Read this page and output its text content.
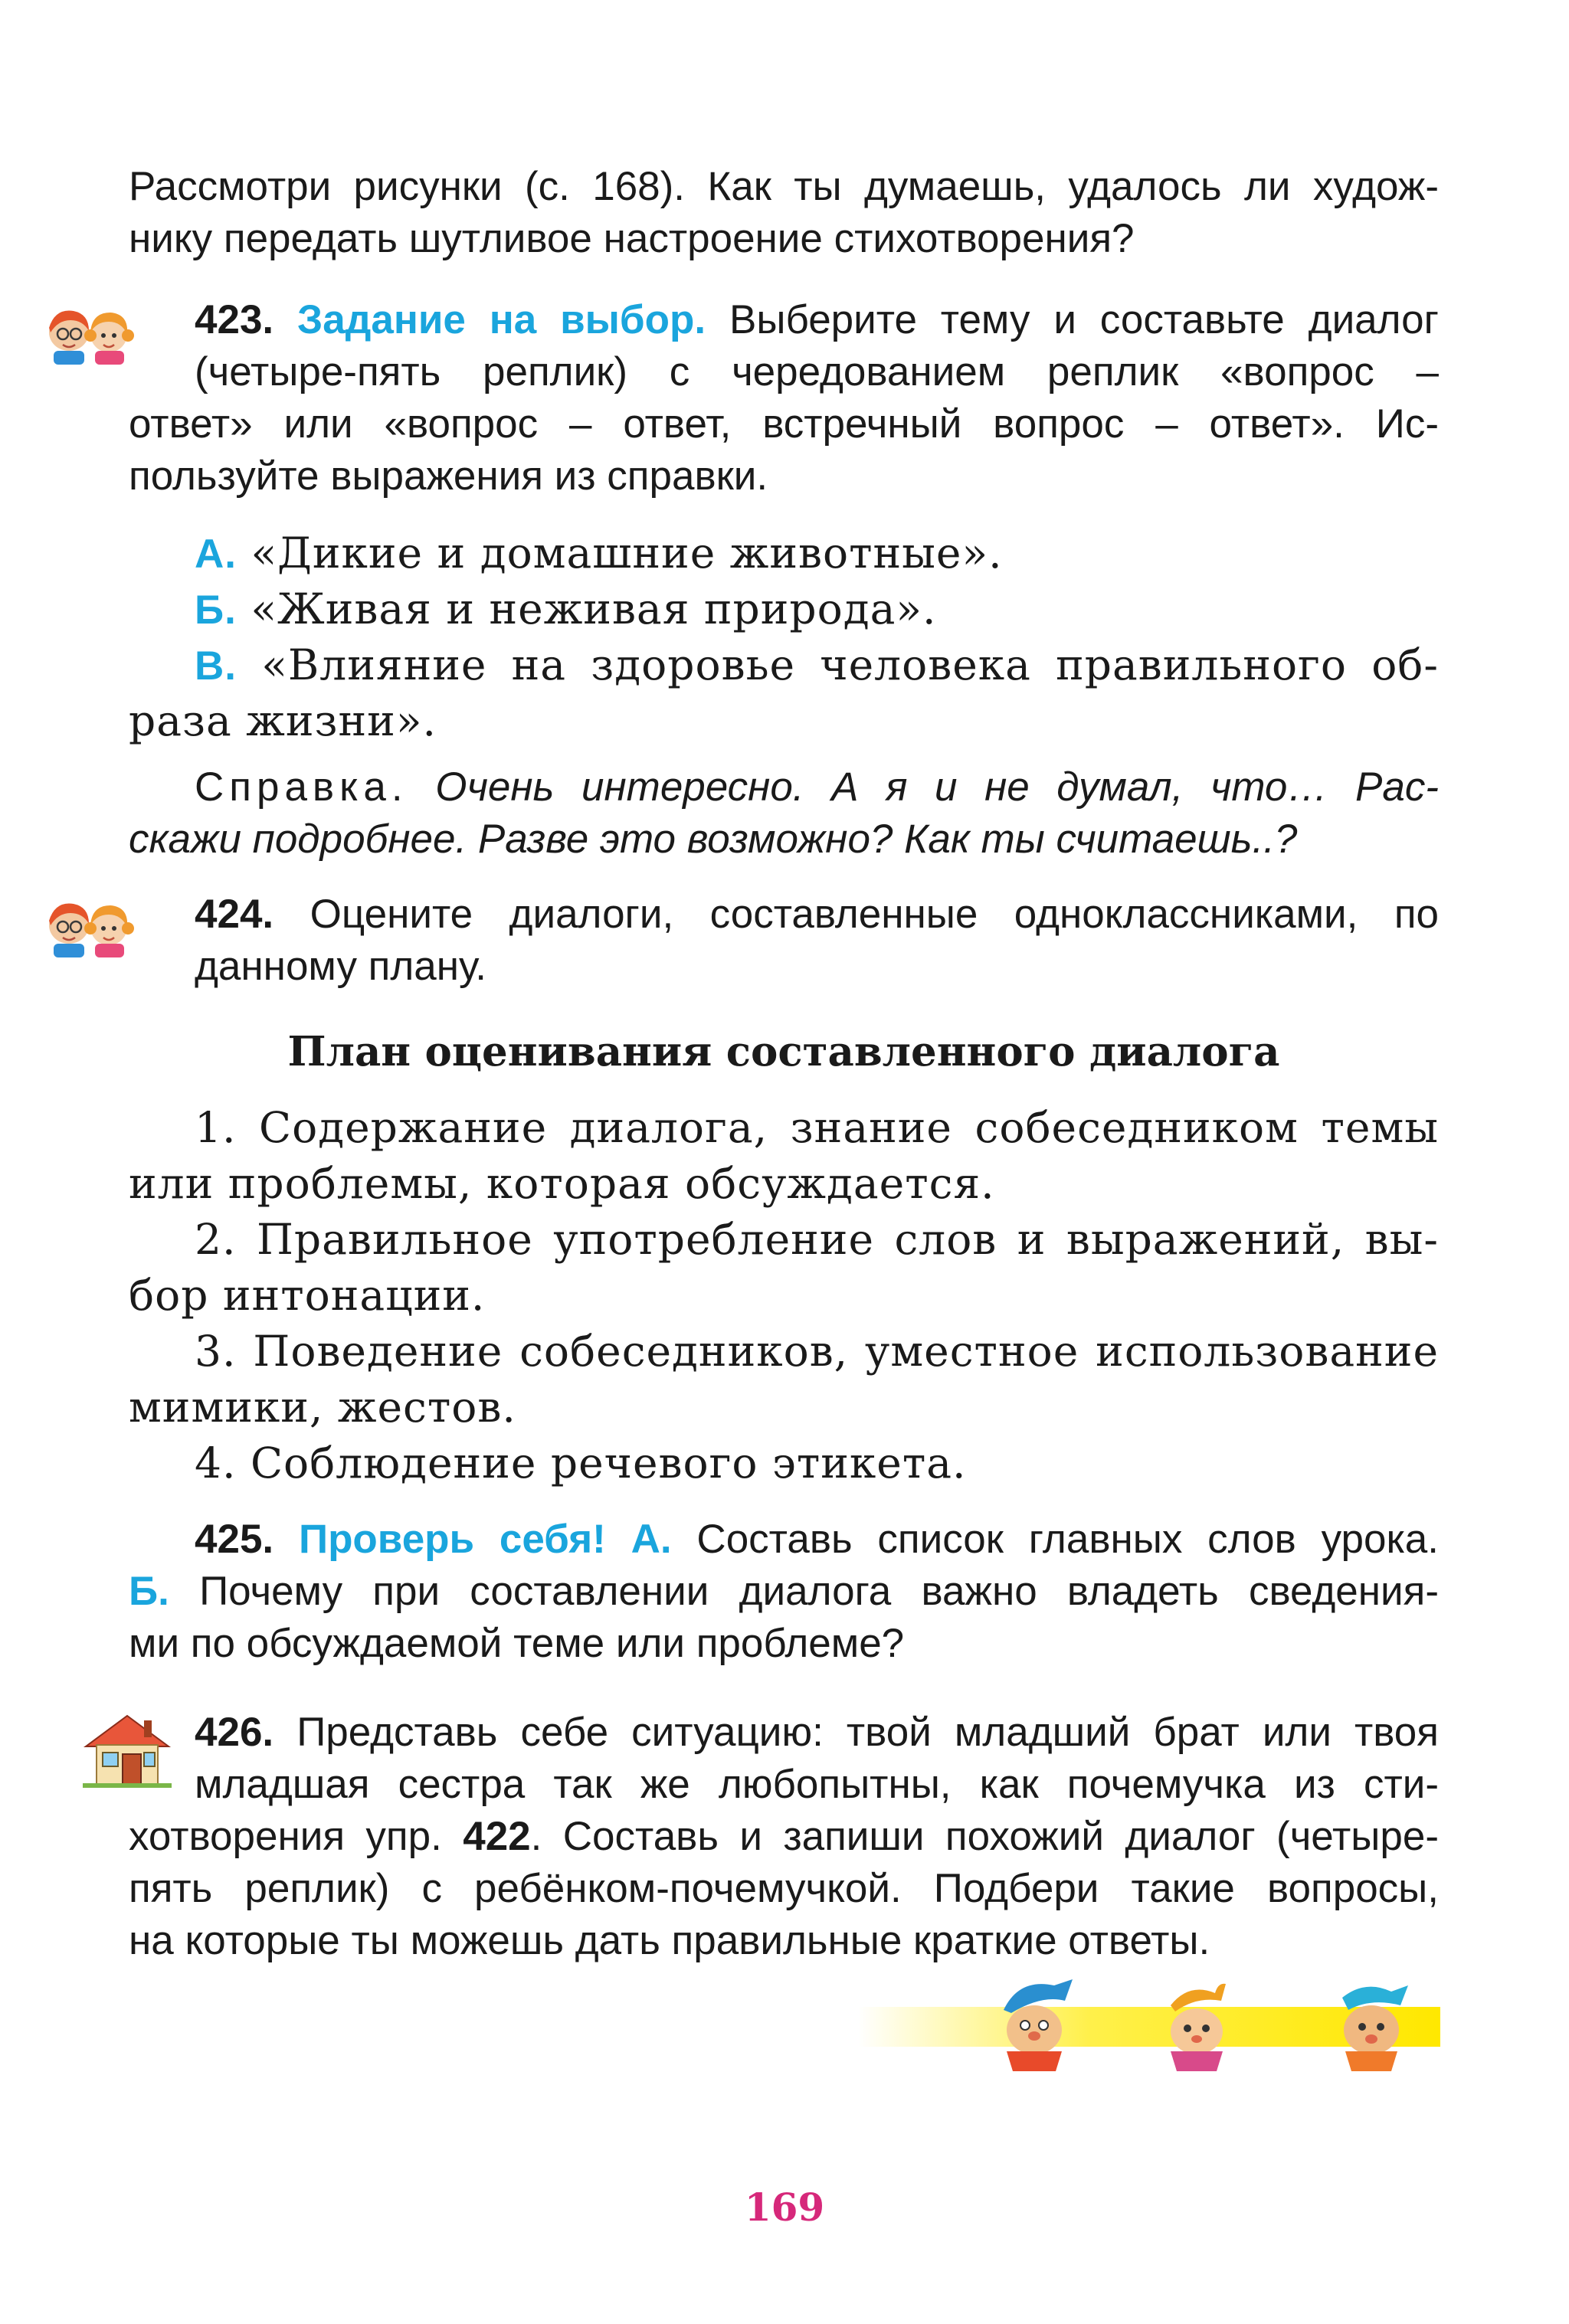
Рассмотри рисунки (с. 168). Как ты думаешь, удалось ли худож-
нику передать шутливое настроение стихотворения?
423. Задание на выбор. Выберите тему и составьте диалог
(четыре-пять реплик) с чередованием реплик «вопрос –
ответ» или «вопрос – ответ, встречный вопрос – ответ». Ис-
пользуйте выражения из справки.
А. «Дикие и домашние животные».
Б. «Живая и неживая природа».
В. «Влияние на здоровье человека правильного об-
раза жизни».
Справка. Очень интересно. А я и не думал, что… Рас-
скажи подробнее. Разве это возможно? Как ты считаешь..?
424. Оцените диалоги, составленные одноклассниками, по
данному плану.
План оценивания составленного диалога
1. Содержание диалога, знание собеседником темы
или проблемы, которая обсуждается.
2. Правильное употребление слов и выражений, вы-
бор интонации.
3. Поведение собеседников, уместное использование
мимики, жестов.
4. Соблюдение речевого этикета.
425. Проверь себя! А. Составь список главных слов урока.
Б. Почему при составлении диалога важно владеть сведения-
ми по обсуждаемой теме или проблеме?
426. Представь себе ситуацию: твой младший брат или твоя
младшая сестра так же любопытны, как почемучка из сти-
хотворения упр. 422. Составь и запиши похожий диалог (четыре-
пять реплик) с ребёнком-почемучкой. Подбери такие вопросы,
на которые ты можешь дать правильные краткие ответы.
169
